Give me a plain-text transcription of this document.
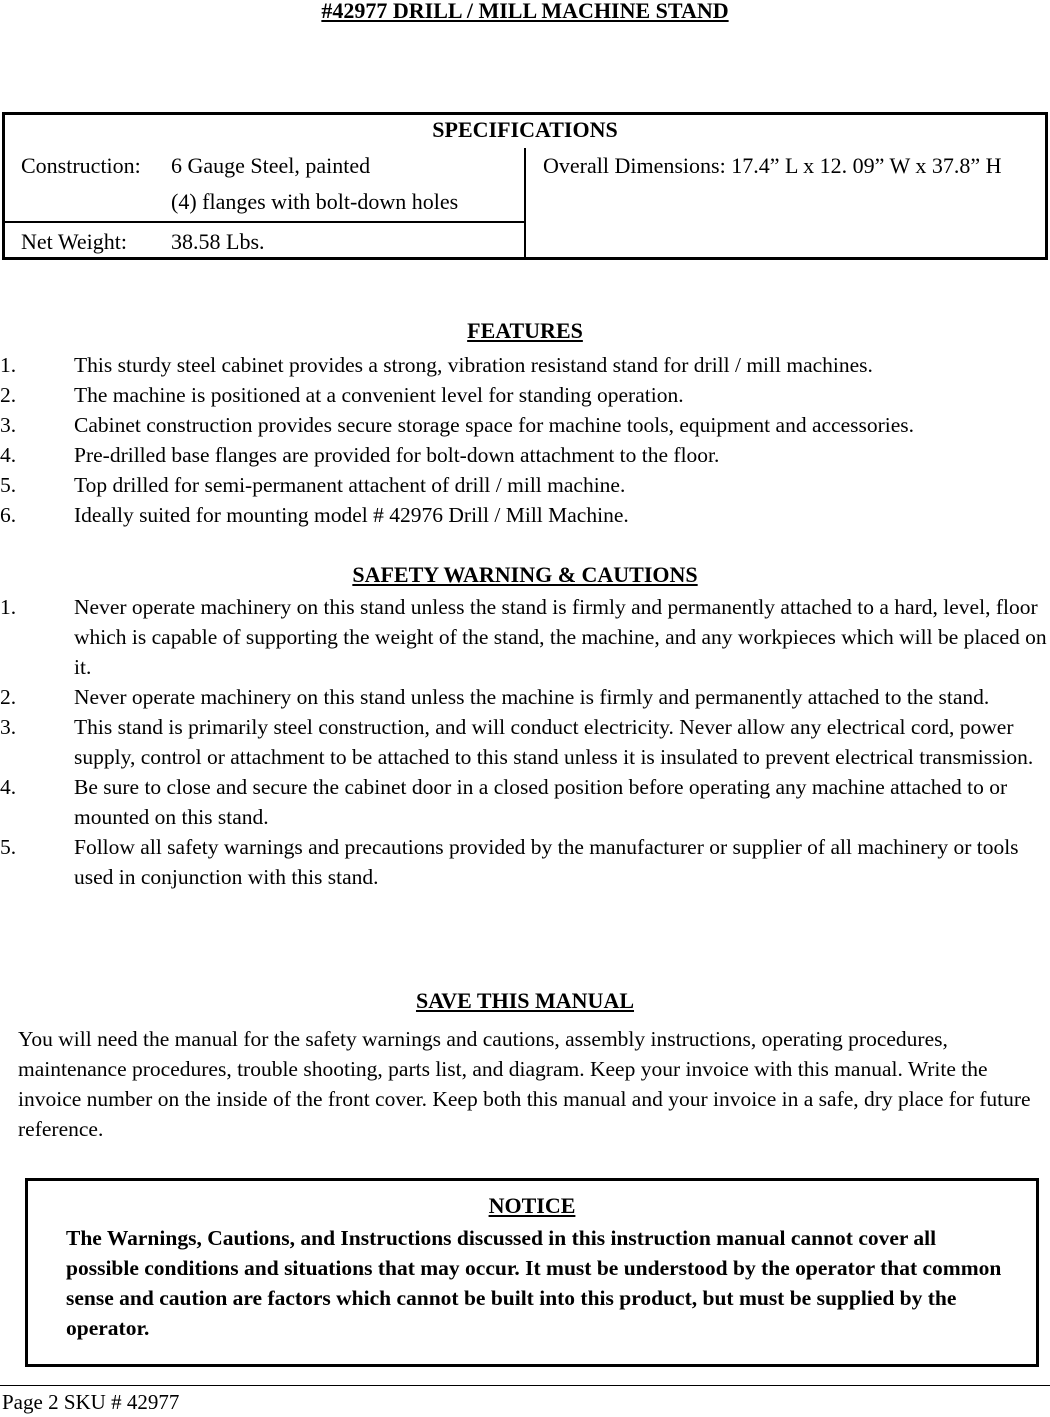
#42977 DRILL / MILL MACHINE STAND
SPECIFICATIONS
Construction: 6 Gauge Steel, painted
(4) flanges with bolt-down holes
Net Weight: 38.58 Lbs.
Overall Dimensions: 17.4” L x 12. 09” W x 37.8” H
FEATURES
1.	This sturdy steel cabinet provides a strong, vibration resistand stand for drill / mill machines.
2.	The machine is positioned at a convenient level for standing operation.
3.	Cabinet construction provides secure storage space for machine tools, equipment and accessories.
4.	Pre-drilled base flanges are provided for bolt-down attachment to the floor.
5.	Top drilled for semi-permanent attachent of drill / mill machine.
6.	Ideally suited for mounting model # 42976 Drill / Mill Machine.
SAFETY WARNING & CAUTIONS
1.	Never operate machinery on this stand unless the stand is firmly and permanently attached to a hard, level, floor which is capable of supporting the weight of the stand, the machine, and any workpieces which will be placed on it.
2.	Never operate machinery on this stand unless the machine is firmly and permanently attached to the stand.
3.	This stand is primarily steel construction, and will conduct electricity. Never allow any electrical cord, power supply, control or attachment to be attached to this stand unless it is insulated to prevent electrical transmission.
4.	Be sure to close and secure the cabinet door in a closed position before operating any machine attached to or mounted on this stand.
5.	Follow all safety warnings and precautions provided by the manufacturer or supplier of all machinery or tools used in conjunction with this stand.
SAVE THIS MANUAL
You will need the manual for the safety warnings and cautions, assembly instructions, operating procedures, maintenance procedures, trouble shooting, parts list, and diagram. Keep your invoice with this manual. Write the invoice number on the inside of the front cover. Keep both this manual and your invoice in a safe, dry place for future reference.
NOTICE
The Warnings, Cautions, and Instructions discussed in this instruction manual cannot cover all possible conditions and situations that may occur. It must be understood by the operator that common sense and caution are factors which cannot be built into this product, but must be supplied by the operator.
Page 2 SKU # 42977
